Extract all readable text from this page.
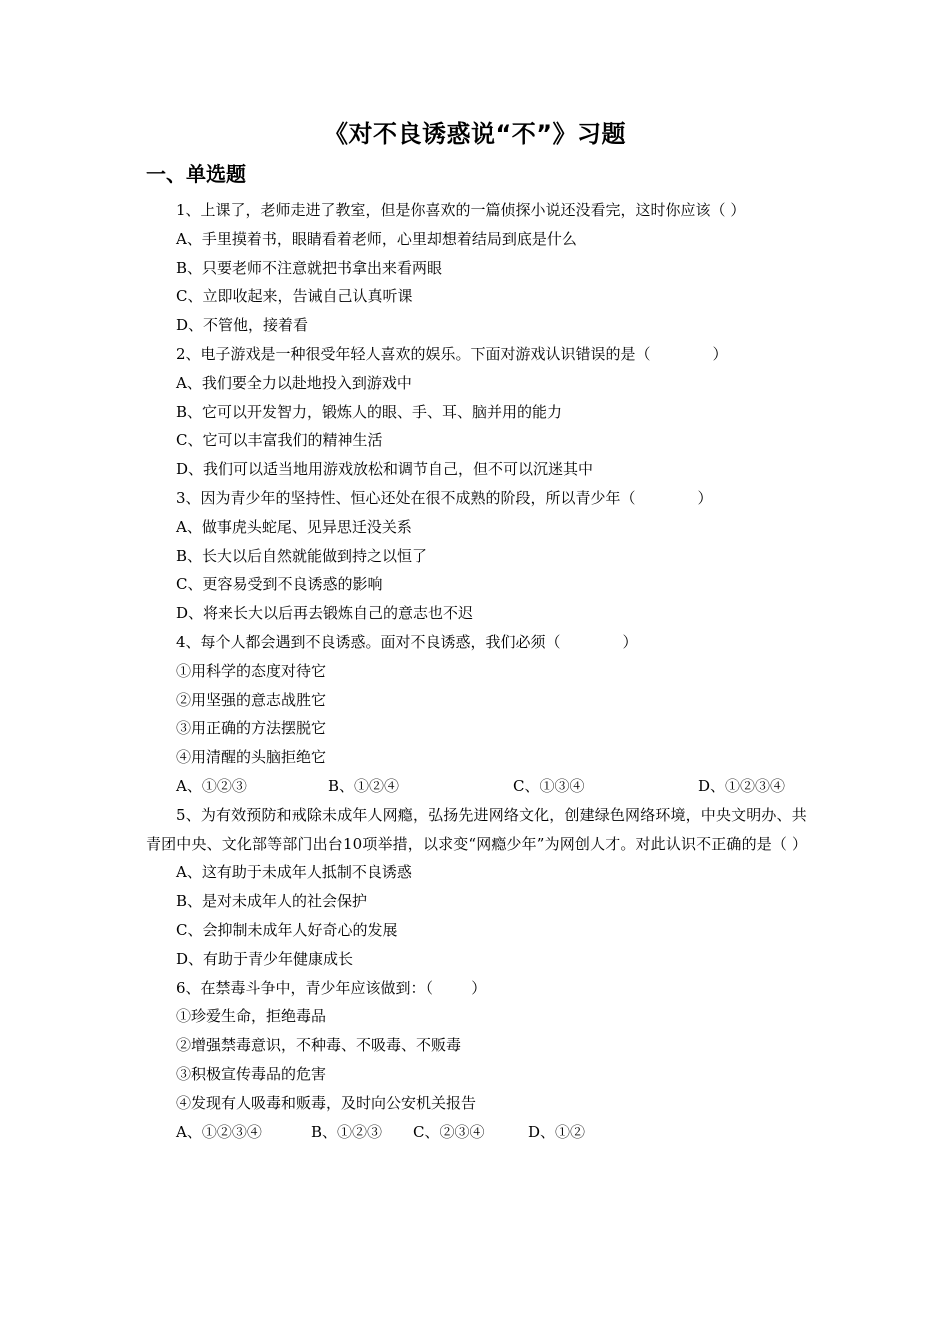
《对不良诱惑说“不”》习题
一、单选题
1、上课了，老师走进了教室，但是你喜欢的一篇侦探小说还没看完，这时你应该（ ）
A、手里摸着书，眼睛看着老师，心里却想着结局到底是什么
B、只要老师不注意就把书拿出来看两眼
C、立即收起来，告诫自己认真听课
D、不管他，接着看
2、电子游戏是一种很受年轻人喜欢的娱乐。下面对游戏认识错误的是（             ）
A、我们要全力以赴地投入到游戏中
B、它可以开发智力，锻炼人的眼、手、耳、脑并用的能力
C、它可以丰富我们的精神生活
D、我们可以适当地用游戏放松和调节自己，但不可以沉迷其中
3、因为青少年的坚持性、恒心还处在很不成熟的阶段，所以青少年（             ）
A、做事虎头蛇尾、见异思迁没关系
B、长大以后自然就能做到持之以恒了
C、更容易受到不良诱惑的影响
D、将来长大以后再去锻炼自己的意志也不迟
4、每个人都会遇到不良诱惑。面对不良诱惑，我们必须（             ）
①用科学的态度对待它
②用坚强的意志战胜它
③用正确的方法摆脱它
④用清醒的头脑拒绝它
A、①②③	B、①②④	C、①③④	D、①②③④
5、为有效预防和戒除未成年人网瘾，弘扬先进网络文化，创建绿色网络环境，中央文明办、共青团中央、文化部等部门出台10项举措，以求变“网瘾少年”为网创人才。对此认识不正确的是（ ）
A、这有助于未成年人抵制不良诱惑
B、是对未成年人的社会保护
C、会抑制未成年人好奇心的发展
D、有助于青少年健康成长
6、在禁毒斗争中，青少年应该做到：（        ）
①珍爱生命，拒绝毒品
②增强禁毒意识，不种毒、不吸毒、不贩毒
③积极宣传毒品的危害
④发现有人吸毒和贩毒，及时向公安机关报告
A、①②③④	B、①②③	C、②③④	D、①②
